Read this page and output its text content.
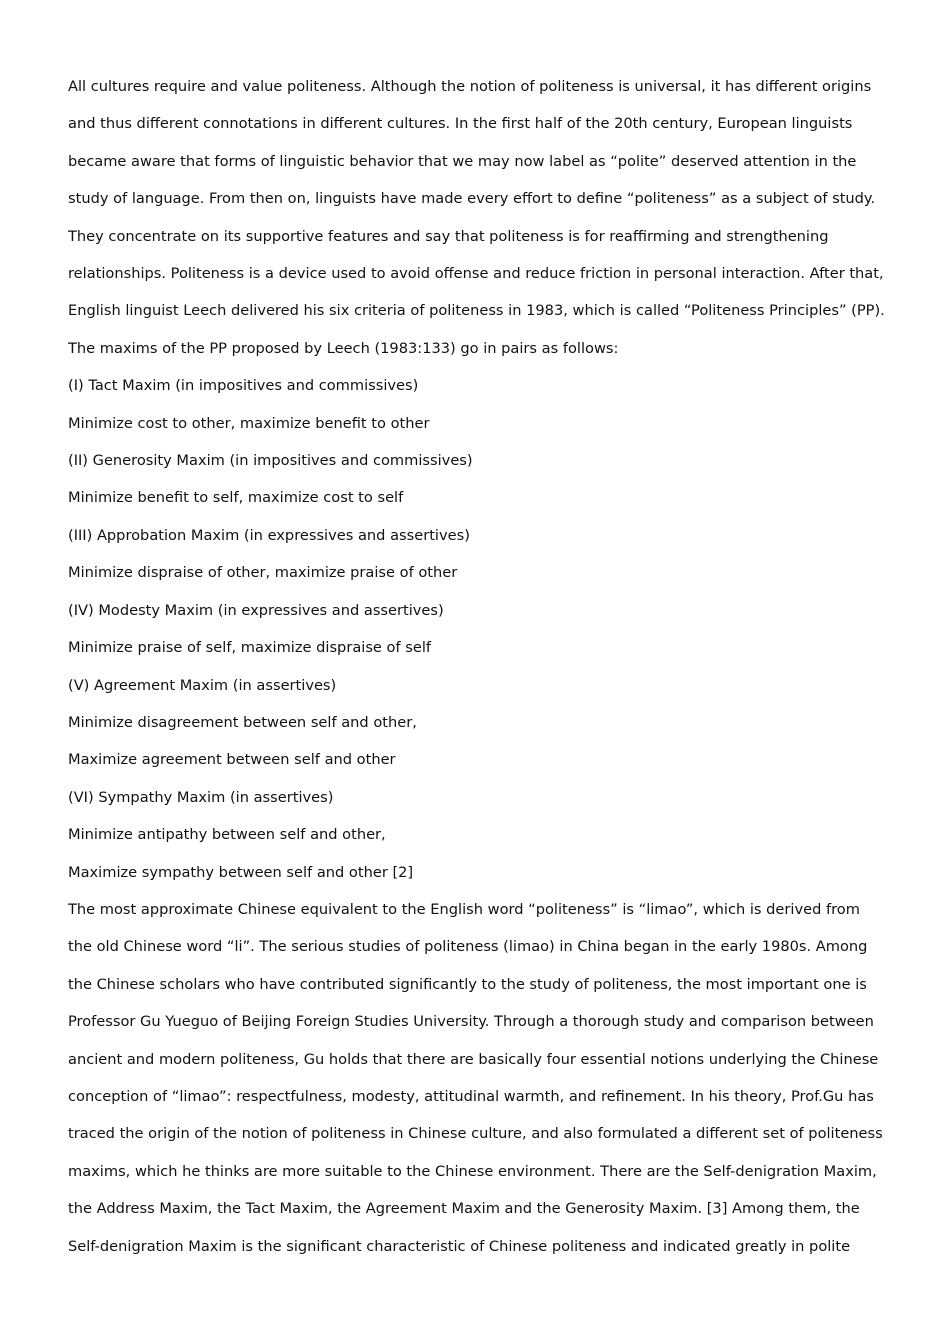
All cultures require and value politeness. Although the notion of politeness is universal, it has different origins and thus different connotations in different cultures. In the first half of the 20th century, European linguists became aware that forms of linguistic behavior that we may now label as “polite” deserved attention in the study of language. From then on, linguists have made every effort to define “politeness” as a subject of study. They concentrate on its supportive features and say that politeness is for reaffirming and strengthening relationships. Politeness is a device used to avoid offense and reduce friction in personal interaction. After that, English linguist Leech delivered his six criteria of politeness in 1983, which is called “Politeness Principles” (PP). The maxims of the PP proposed by Leech (1983:133) go in pairs as follows:

(I) Tact Maxim (in impositives and commissives)

Minimize cost to other, maximize benefit to other

(II) Generosity Maxim (in impositives and commissives)

Minimize benefit to self, maximize cost to self

(III) Approbation Maxim (in expressives and assertives)

Minimize dispraise of other, maximize praise of other

(IV) Modesty Maxim (in expressives and assertives)

Minimize praise of self, maximize dispraise of self

(V) Agreement Maxim (in assertives)

Minimize disagreement between self and other,

Maximize agreement between self and other

(VI) Sympathy Maxim (in assertives)

Minimize antipathy between self and other,

Maximize sympathy between self and other [2]

The most approximate Chinese equivalent to the English word “politeness” is “limao”, which is derived from the old Chinese word “li”. The serious studies of politeness (limao) in China began in the early 1980s. Among the Chinese scholars who have contributed significantly to the study of politeness, the most important one is Professor Gu Yueguo of Beijing Foreign Studies University. Through a thorough study and comparison between ancient and modern politeness, Gu holds that there are basically four essential notions underlying the Chinese conception of “limao”: respectfulness, modesty, attitudinal warmth, and refinement. In his theory, Prof.Gu has traced the origin of the notion of politeness in Chinese culture, and also formulated a different set of politeness maxims, which he thinks are more suitable to the Chinese environment. There are the Self-denigration Maxim, the Address Maxim, the Tact Maxim, the Agreement Maxim and the Generosity Maxim. [3] Among them, the Self-denigration Maxim is the significant characteristic of Chinese politeness and indicated greatly in polite
